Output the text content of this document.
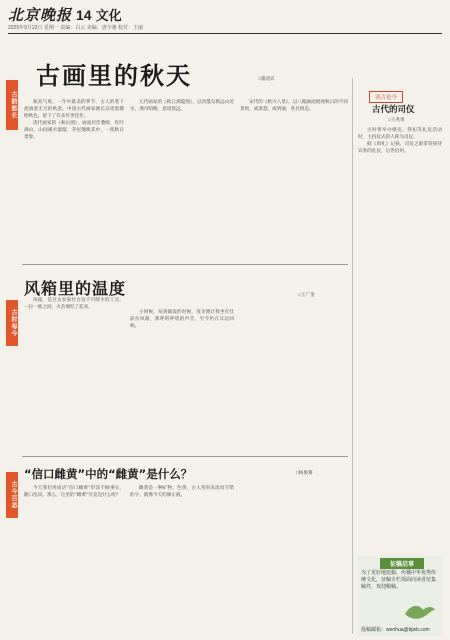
北京晚报 14 文化
2025年9月22日 星期一 责编：白云 美编：唐宇驰 校对：王丽
古韵悠长
古时每今
古今百态
古画里的秋天	□董国宾

秋高气爽，一年中最美的季节，古人的笔下流淌着无尽的秋意。中国古代画家擅长以笔墨描绘秋色，留下了许多传世佳作。

清代画家的《秋山图》，画面层峦叠嶂，红叶满山，山间溪水潺潺，茅屋掩映其中，一派秋日景象。

元代画家的《秋江渔隐图》，以淡墨勾勒远山近水，渔舟唱晚，意境悠远。

宋代的《秋兴八景》，以八幅画面展现秋日的不同景致，或萧瑟，或明丽，各具情态。

风箱里的温度	□王广金

风箱，是过去农家灶台边不可缺少的工具，一拉一推之间，火苗便旺了起来。

小时候，每到做饭的时候，母亲便让我坐在灶前拉风箱，那呼嗒呼嗒的声音，至今仍在耳边回响。

“信口雌黄”中的“雌黄”是什么？	□杨俊赛

今天我们用成语“信口雌黄”形容不顾事实，随口乱说。那么，这里的“雌黄”究竟是什么呢？

雌黄是一种矿物，色黄，古人常用来涂改写错的字，就像今天的修正液。

读古论今
古代的司仪
□王兆勇

古时将举办婚丧、祭祀等礼仪活动时，主持仪式的人称为司仪。

据《周礼》记载，司仪之职掌管接待宾客的礼仪，后世沿用。

征稿启事
为了更好地挖掘、传播中华优秀传统文化，征稿专栏现面向读者征集稿件，欢迎赐稿。
投稿邮箱：wenhua@bjwb.com
